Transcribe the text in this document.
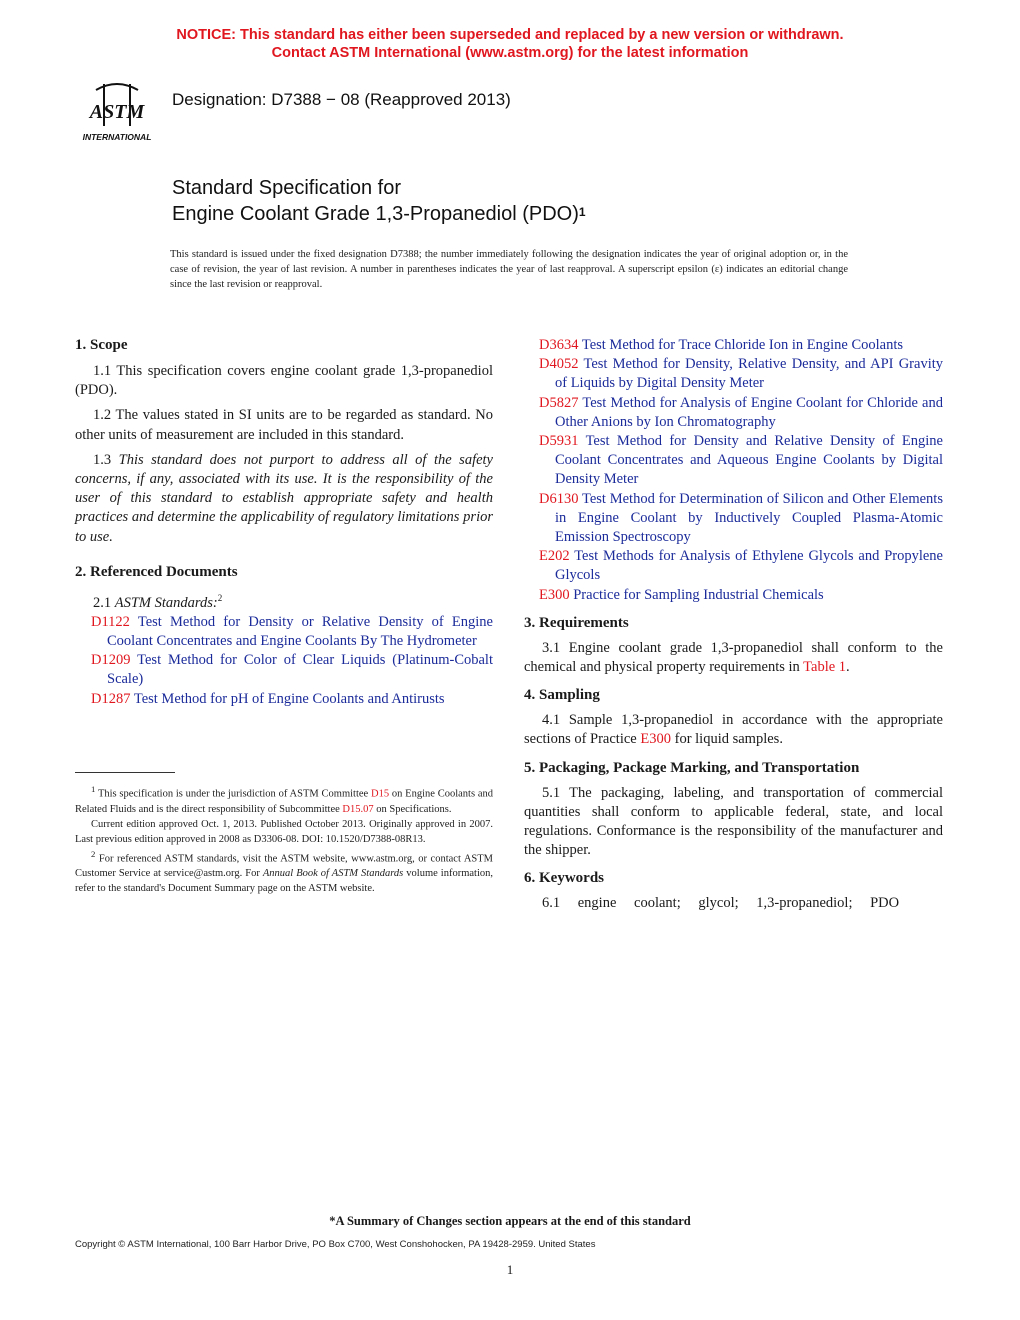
NOTICE: This standard has either been superseded and replaced by a new version or withdrawn.
Contact ASTM International (www.astm.org) for the latest information
ASTM
INTERNATIONAL
Designation: D7388 − 08 (Reapproved 2013)
Standard Specification for
Engine Coolant Grade 1,3-Propanediol (PDO)$^1$
This standard is issued under the fixed designation D7388; the number immediately following the designation indicates the year of original adoption or, in the case of revision, the year of last revision. A number in parentheses indicates the year of last reapproval. A superscript epsilon (ε) indicates an editorial change since the last revision or reapproval.
1. Scope

1.1 This specification covers engine coolant grade 1,3-propanediol (PDO).

1.2 The values stated in SI units are to be regarded as standard. No other units of measurement are included in this standard.

1.3 This standard does not purport to address all of the safety concerns, if any, associated with its use. It is the responsibility of the user of this standard to establish appropriate safety and health practices and determine the applicability of regulatory limitations prior to use.

2. Referenced Documents

2.1 ASTM Standards:$^2$

D1122 Test Method for Density or Relative Density of Engine Coolant Concentrates and Engine Coolants By The Hydrometer

D1209 Test Method for Color of Clear Liquids (Platinum-Cobalt Scale)

D1287 Test Method for pH of Engine Coolants and Antirusts

$^1$ This specification is under the jurisdiction of ASTM Committee D15 on Engine Coolants and Related Fluids and is the direct responsibility of Subcommittee D15.07 on Specifications.

Current edition approved Oct. 1, 2013. Published October 2013. Originally approved in 2007. Last previous edition approved in 2008 as D3306-08. DOI: 10.1520/D7388-08R13.

$^2$ For referenced ASTM standards, visit the ASTM website, www.astm.org, or contact ASTM Customer Service at service@astm.org. For Annual Book of ASTM Standards volume information, refer to the standard's Document Summary page on the ASTM website.

D3634 Test Method for Trace Chloride Ion in Engine Coolants

D4052 Test Method for Density, Relative Density, and API Gravity of Liquids by Digital Density Meter

D5827 Test Method for Analysis of Engine Coolant for Chloride and Other Anions by Ion Chromatography

D5931 Test Method for Density and Relative Density of Engine Coolant Concentrates and Aqueous Engine Coolants by Digital Density Meter

D6130 Test Method for Determination of Silicon and Other Elements in Engine Coolant by Inductively Coupled Plasma-Atomic Emission Spectroscopy

E202 Test Methods for Analysis of Ethylene Glycols and Propylene Glycols

E300 Practice for Sampling Industrial Chemicals

3. Requirements

3.1 Engine coolant grade 1,3-propanediol shall conform to the chemical and physical property requirements in Table 1.

4. Sampling

4.1 Sample 1,3-propanediol in accordance with the appropriate sections of Practice E300 for liquid samples.

5. Packaging, Package Marking, and Transportation

5.1 The packaging, labeling, and transportation of commercial quantities shall conform to applicable federal, state, and local regulations. Conformance is the responsibility of the manufacturer and the shipper.

6. Keywords

6.1 engine coolant; glycol; 1,3-propanediol; PDO

*A Summary of Changes section appears at the end of this standard
Copyright © ASTM International, 100 Barr Harbor Drive, PO Box C700, West Conshohocken, PA 19428-2959. United States
1
